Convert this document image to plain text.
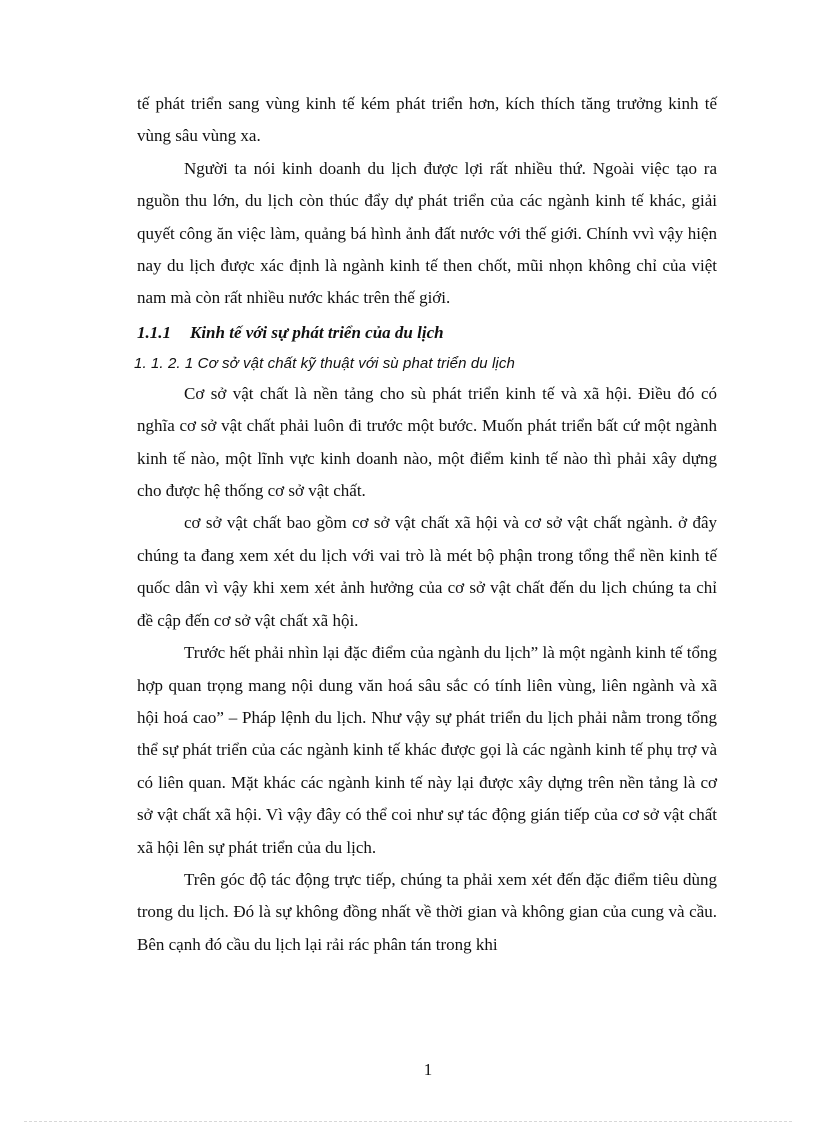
tế phát triển sang vùng kinh tế kém phát triển hơn, kích thích tăng trưởng kinh tế vùng sâu vùng xa.

Người ta nói kinh doanh du lịch được lợi rất nhiều thứ. Ngoài việc tạo ra nguồn thu lớn, du lịch còn thúc đẩy dự phát triển của các ngành kinh tế khác, giải quyết công ăn việc làm, quảng bá hình ảnh đất nước với thế giới. Chính vvì vậy hiện nay du lịch được xác định là ngành kinh tế then chốt, mũi nhọn không chỉ của việt nam mà còn rất nhiều nước khác trên thế giới.

1.1.1 Kinh tế với sự phát triển của du lịch
1. 1. 2. 1 Cơ sở vật chất kỹ thuật với sù phat triển du lịch

Cơ sở vật chất là nền tảng cho sù phát triển kinh tế và xã hội. Điều đó có nghĩa cơ sở vật chất phải luôn đi trước một bước. Muốn phát triển bất cứ một ngành kinh tế nào, một lĩnh vực kinh doanh nào, một điểm kinh tế nào thì phải xây dựng cho được hệ thống cơ sở vật chất.

cơ sở vật chất bao gồm cơ sở vật chất xã hội và cơ sở vật chất ngành. ở đây chúng ta đang xem xét du lịch với vai trò là mét bộ phận trong tổng thể nền kinh tế quốc dân vì vậy khi xem xét ảnh hưởng của cơ sở vật chất đến du lịch chúng ta chỉ đề cập đến cơ sở vật chất xã hội.

Trước hết phải nhìn lại đặc điểm của ngành du lịch” là một ngành kinh tế tổng hợp quan trọng mang nội dung văn hoá sâu sắc có tính liên vùng, liên ngành và xã hội hoá cao” – Pháp lệnh du lịch. Như vậy sự phát triển du lịch phải nằm trong tổng thể sự phát triển của các ngành kinh tế khác được gọi là các ngành kinh tế phụ trợ và có liên quan. Mặt khác các ngành kinh tế này lại được xây dựng trên nền tảng là cơ sở vật chất xã hội. Vì vậy đây có thể coi như sự tác động gián tiếp của cơ sở vật chất xã hội lên sự phát triển của du lịch.

Trên góc độ tác động trực tiếp, chúng ta phải xem xét đến đặc điểm tiêu dùng trong du lịch. Đó là sự không đồng nhất về thời gian và không gian của cung và cầu. Bên cạnh đó cầu du lịch lại rải rác phân tán trong khi

1
